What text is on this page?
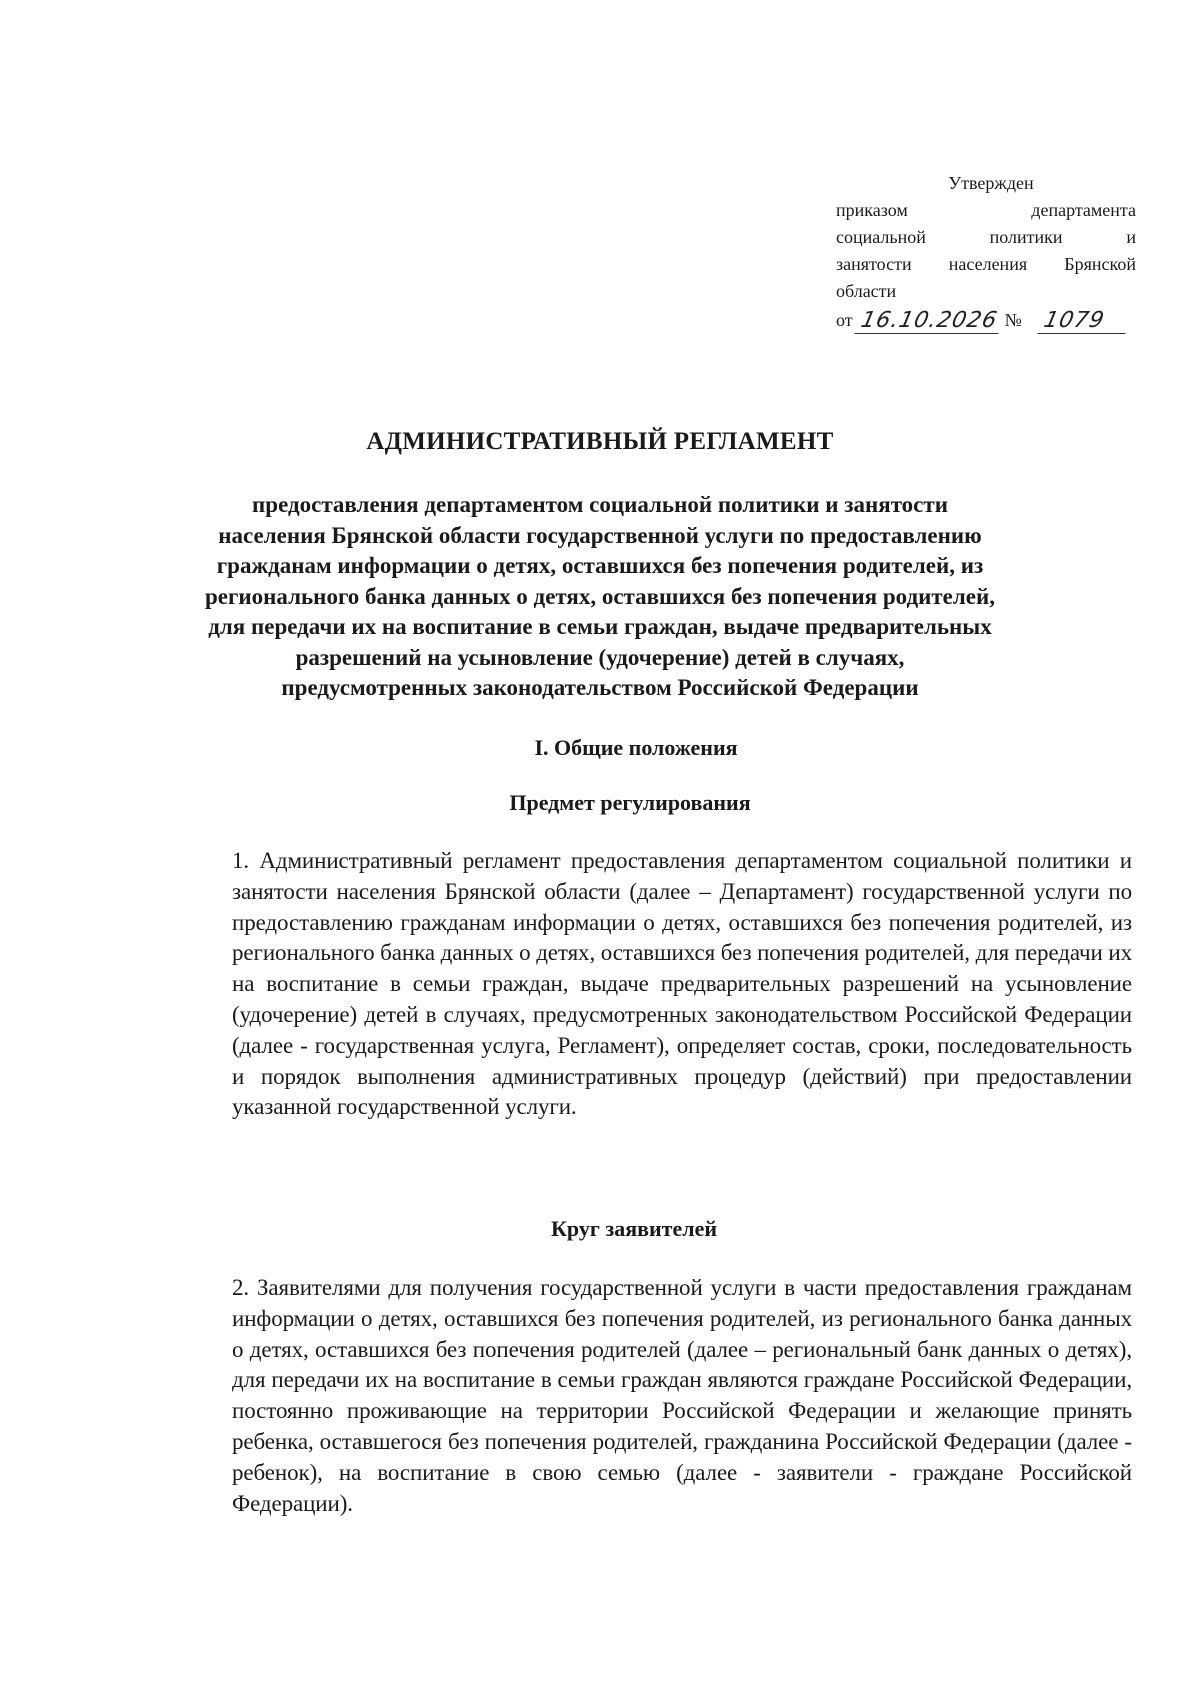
Утвержден
приказом	департамента
социальной	политики	и
занятости населения Брянской
области
от 16.10.2026 № 1079
АДМИНИСТРАТИВНЫЙ РЕГЛАМЕНТ
предоставления департаментом социальной политики и занятости населения Брянской области государственной услуги по предоставлению гражданам информации о детях, оставшихся без попечения родителей, из регионального банка данных о детях, оставшихся без попечения родителей, для передачи их на воспитание в семьи граждан, выдаче предварительных разрешений на усыновление (удочерение) детей в случаях, предусмотренных законодательством Российской Федерации
I. Общие положения
Предмет регулирования
1. Административный регламент предоставления департаментом социальной политики и занятости населения Брянской области (далее – Департамент) государственной услуги по предоставлению гражданам информации о детях, оставшихся без попечения родителей, из регионального банка данных о детях, оставшихся без попечения родителей, для передачи их на воспитание в семьи граждан, выдаче предварительных разрешений на усыновление (удочерение) детей в случаях, предусмотренных законодательством Российской Федерации (далее - государственная услуга, Регламент), определяет состав, сроки, последовательность и порядок выполнения административных процедур (действий) при предоставлении указанной государственной услуги.
Круг заявителей
2. Заявителями для получения государственной услуги в части предоставления гражданам информации о детях, оставшихся без попечения родителей, из регионального банка данных о детях, оставшихся без попечения родителей (далее – региональный банк данных о детях), для передачи их на воспитание в семьи граждан являются граждане Российской Федерации, постоянно проживающие на территории Российской Федерации и желающие принять ребенка, оставшегося без попечения родителей, гражданина Российской Федерации (далее - ребенок), на воспитание в свою семью (далее - заявители - граждане Российской Федерации).
